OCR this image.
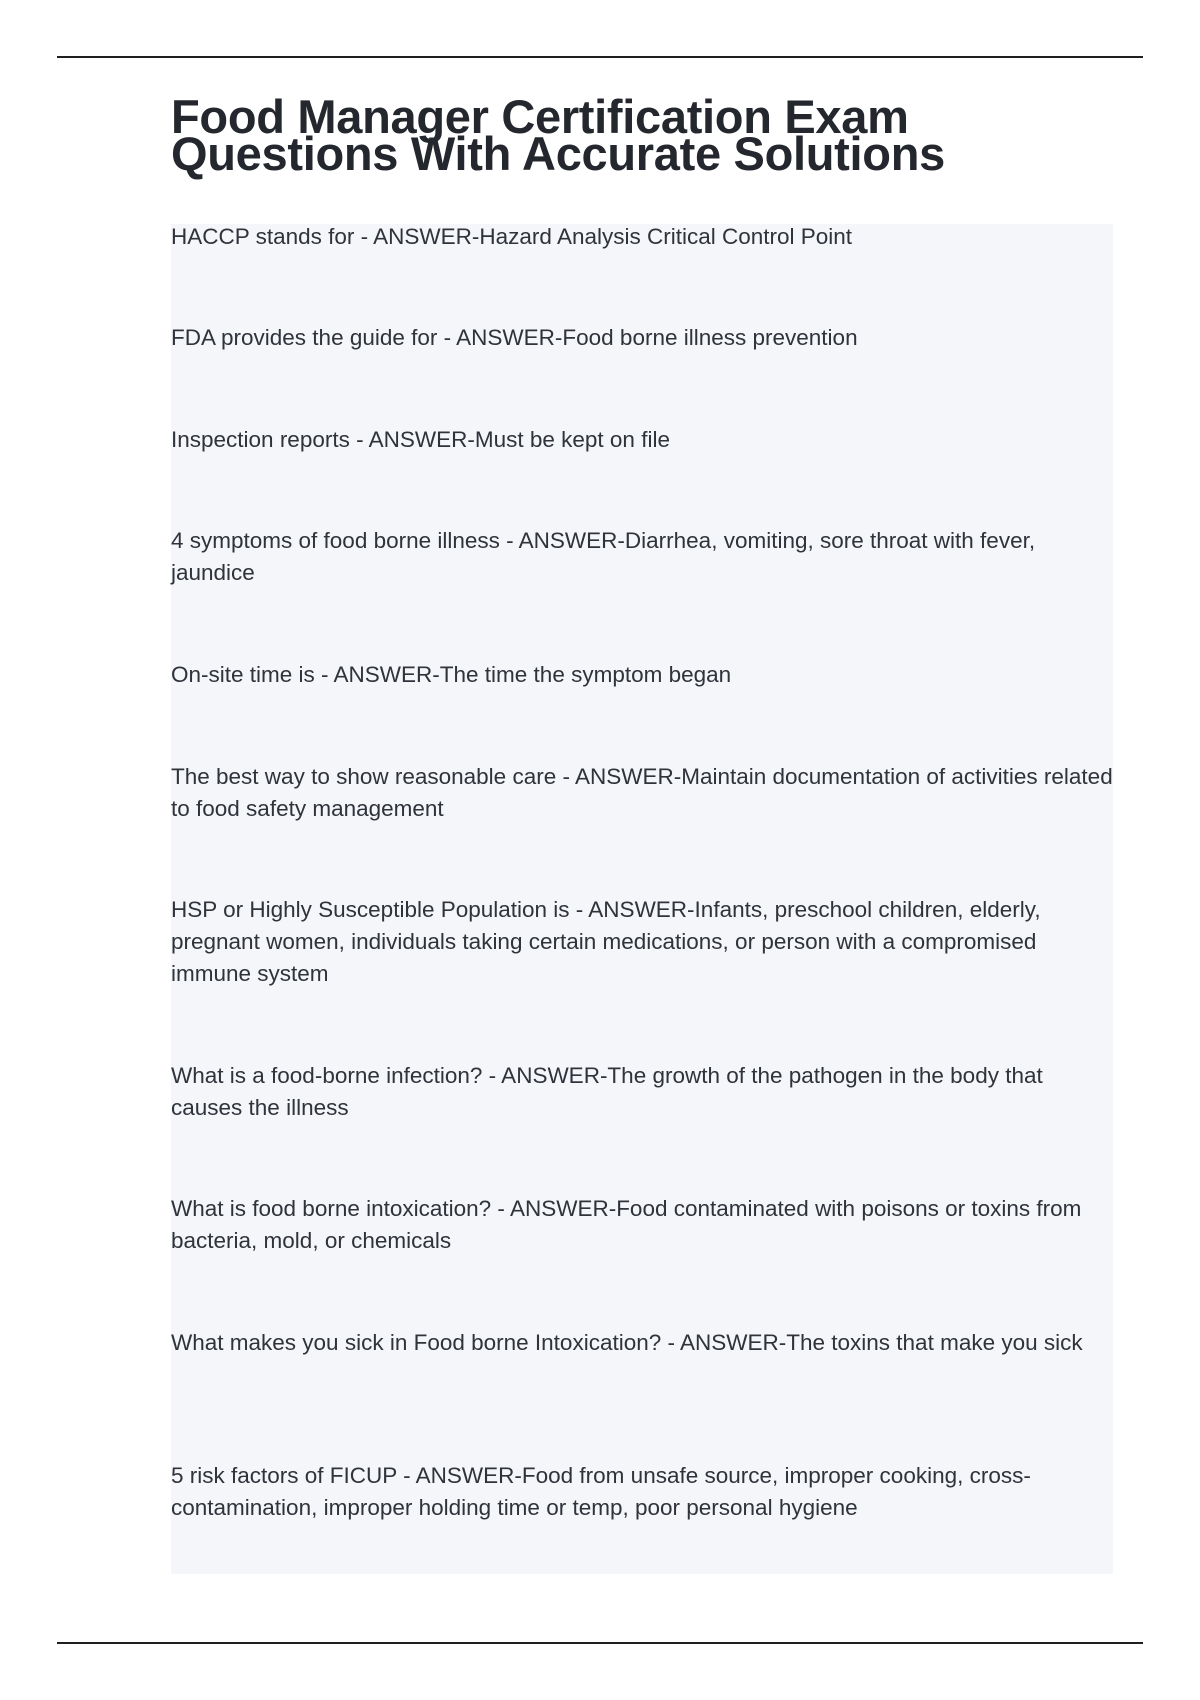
Food Manager Certification Exam Questions With Accurate Solutions

HACCP stands for - ANSWER-Hazard Analysis Critical Control Point

FDA provides the guide for - ANSWER-Food borne illness prevention

Inspection reports - ANSWER-Must be kept on file

4 symptoms of food borne illness - ANSWER-Diarrhea, vomiting, sore throat with fever, jaundice

On-site time is - ANSWER-The time the symptom began

The best way to show reasonable care - ANSWER-Maintain documentation of activities related to food safety management

HSP or Highly Susceptible Population is - ANSWER-Infants, preschool children, elderly, pregnant women, individuals taking certain medications, or person with a compromised immune system

What is a food-borne infection? - ANSWER-The growth of the pathogen in the body that causes the illness

What is food borne intoxication? - ANSWER-Food contaminated with poisons or toxins from bacteria, mold, or chemicals

What makes you sick in Food borne Intoxication? - ANSWER-The toxins that make you sick

5 risk factors of FICUP - ANSWER-Food from unsafe source, improper cooking, cross-contamination, improper holding time or temp, poor personal hygiene
